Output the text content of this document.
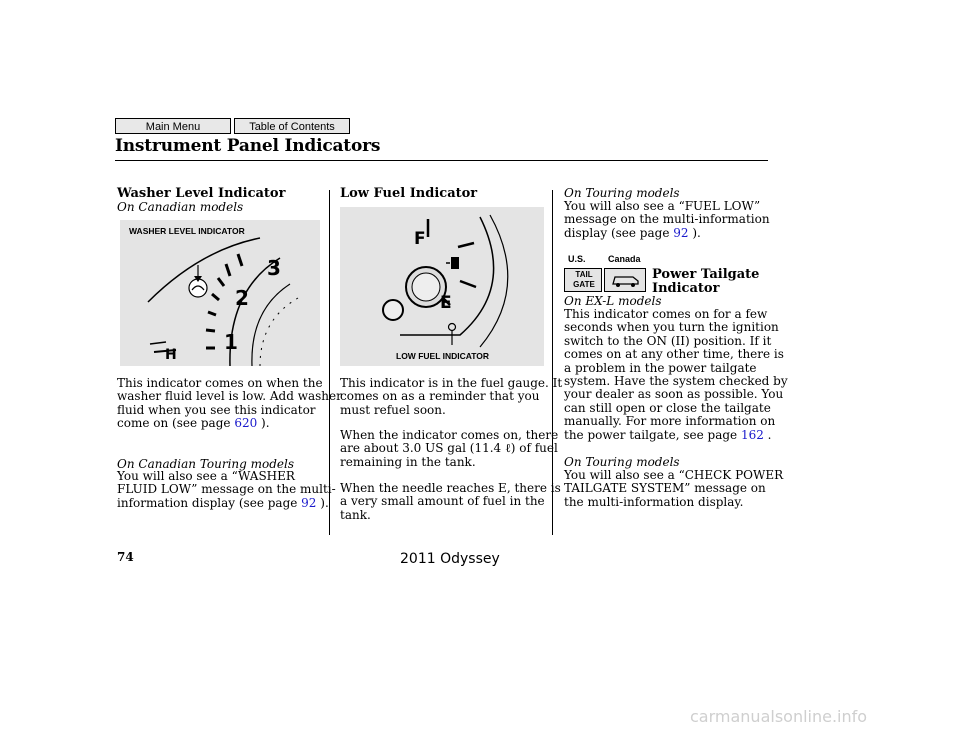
Main Menu	Table of Contents
Instrument Panel Indicators
Washer Level Indicator
On Canadian models
WASHER LEVEL INDICATOR
3
2
1
H

This indicator comes on when the
washer fluid level is low. Add washer
fluid when you see this indicator
come on (see page 620 ).

On Canadian Touring models

You will also see a “WASHER
FLUID LOW” message on the multi-
information display (see page 92 ).

Low Fuel Indicator
F
E
LOW FUEL INDICATOR

This indicator is in the fuel gauge. It
comes on as a reminder that you
must refuel soon.

When the indicator comes on, there
are about 3.0 US gal (11.4 ℓ) of fuel
remaining in the tank.

When the needle reaches E, there is
a very small amount of fuel in the
tank.

On Touring models

You will also see a “FUEL LOW”
message on the multi-information
display (see page 92 ).

U.S. Canada
TAIL GATE
Power Tailgate
Indicator
On EX-L models

This indicator comes on for a few
seconds when you turn the ignition
switch to the ON (II) position. If it
comes on at any other time, there is
a problem in the power tailgate
system. Have the system checked by
your dealer as soon as possible. You
can still open or close the tailgate
manually. For more information on
the power tailgate, see page 162 .

On Touring models

You will also see a “CHECK POWER
TAILGATE SYSTEM” message on
the multi-information display.

74	2011 Odyssey
carmanualsonline.info
